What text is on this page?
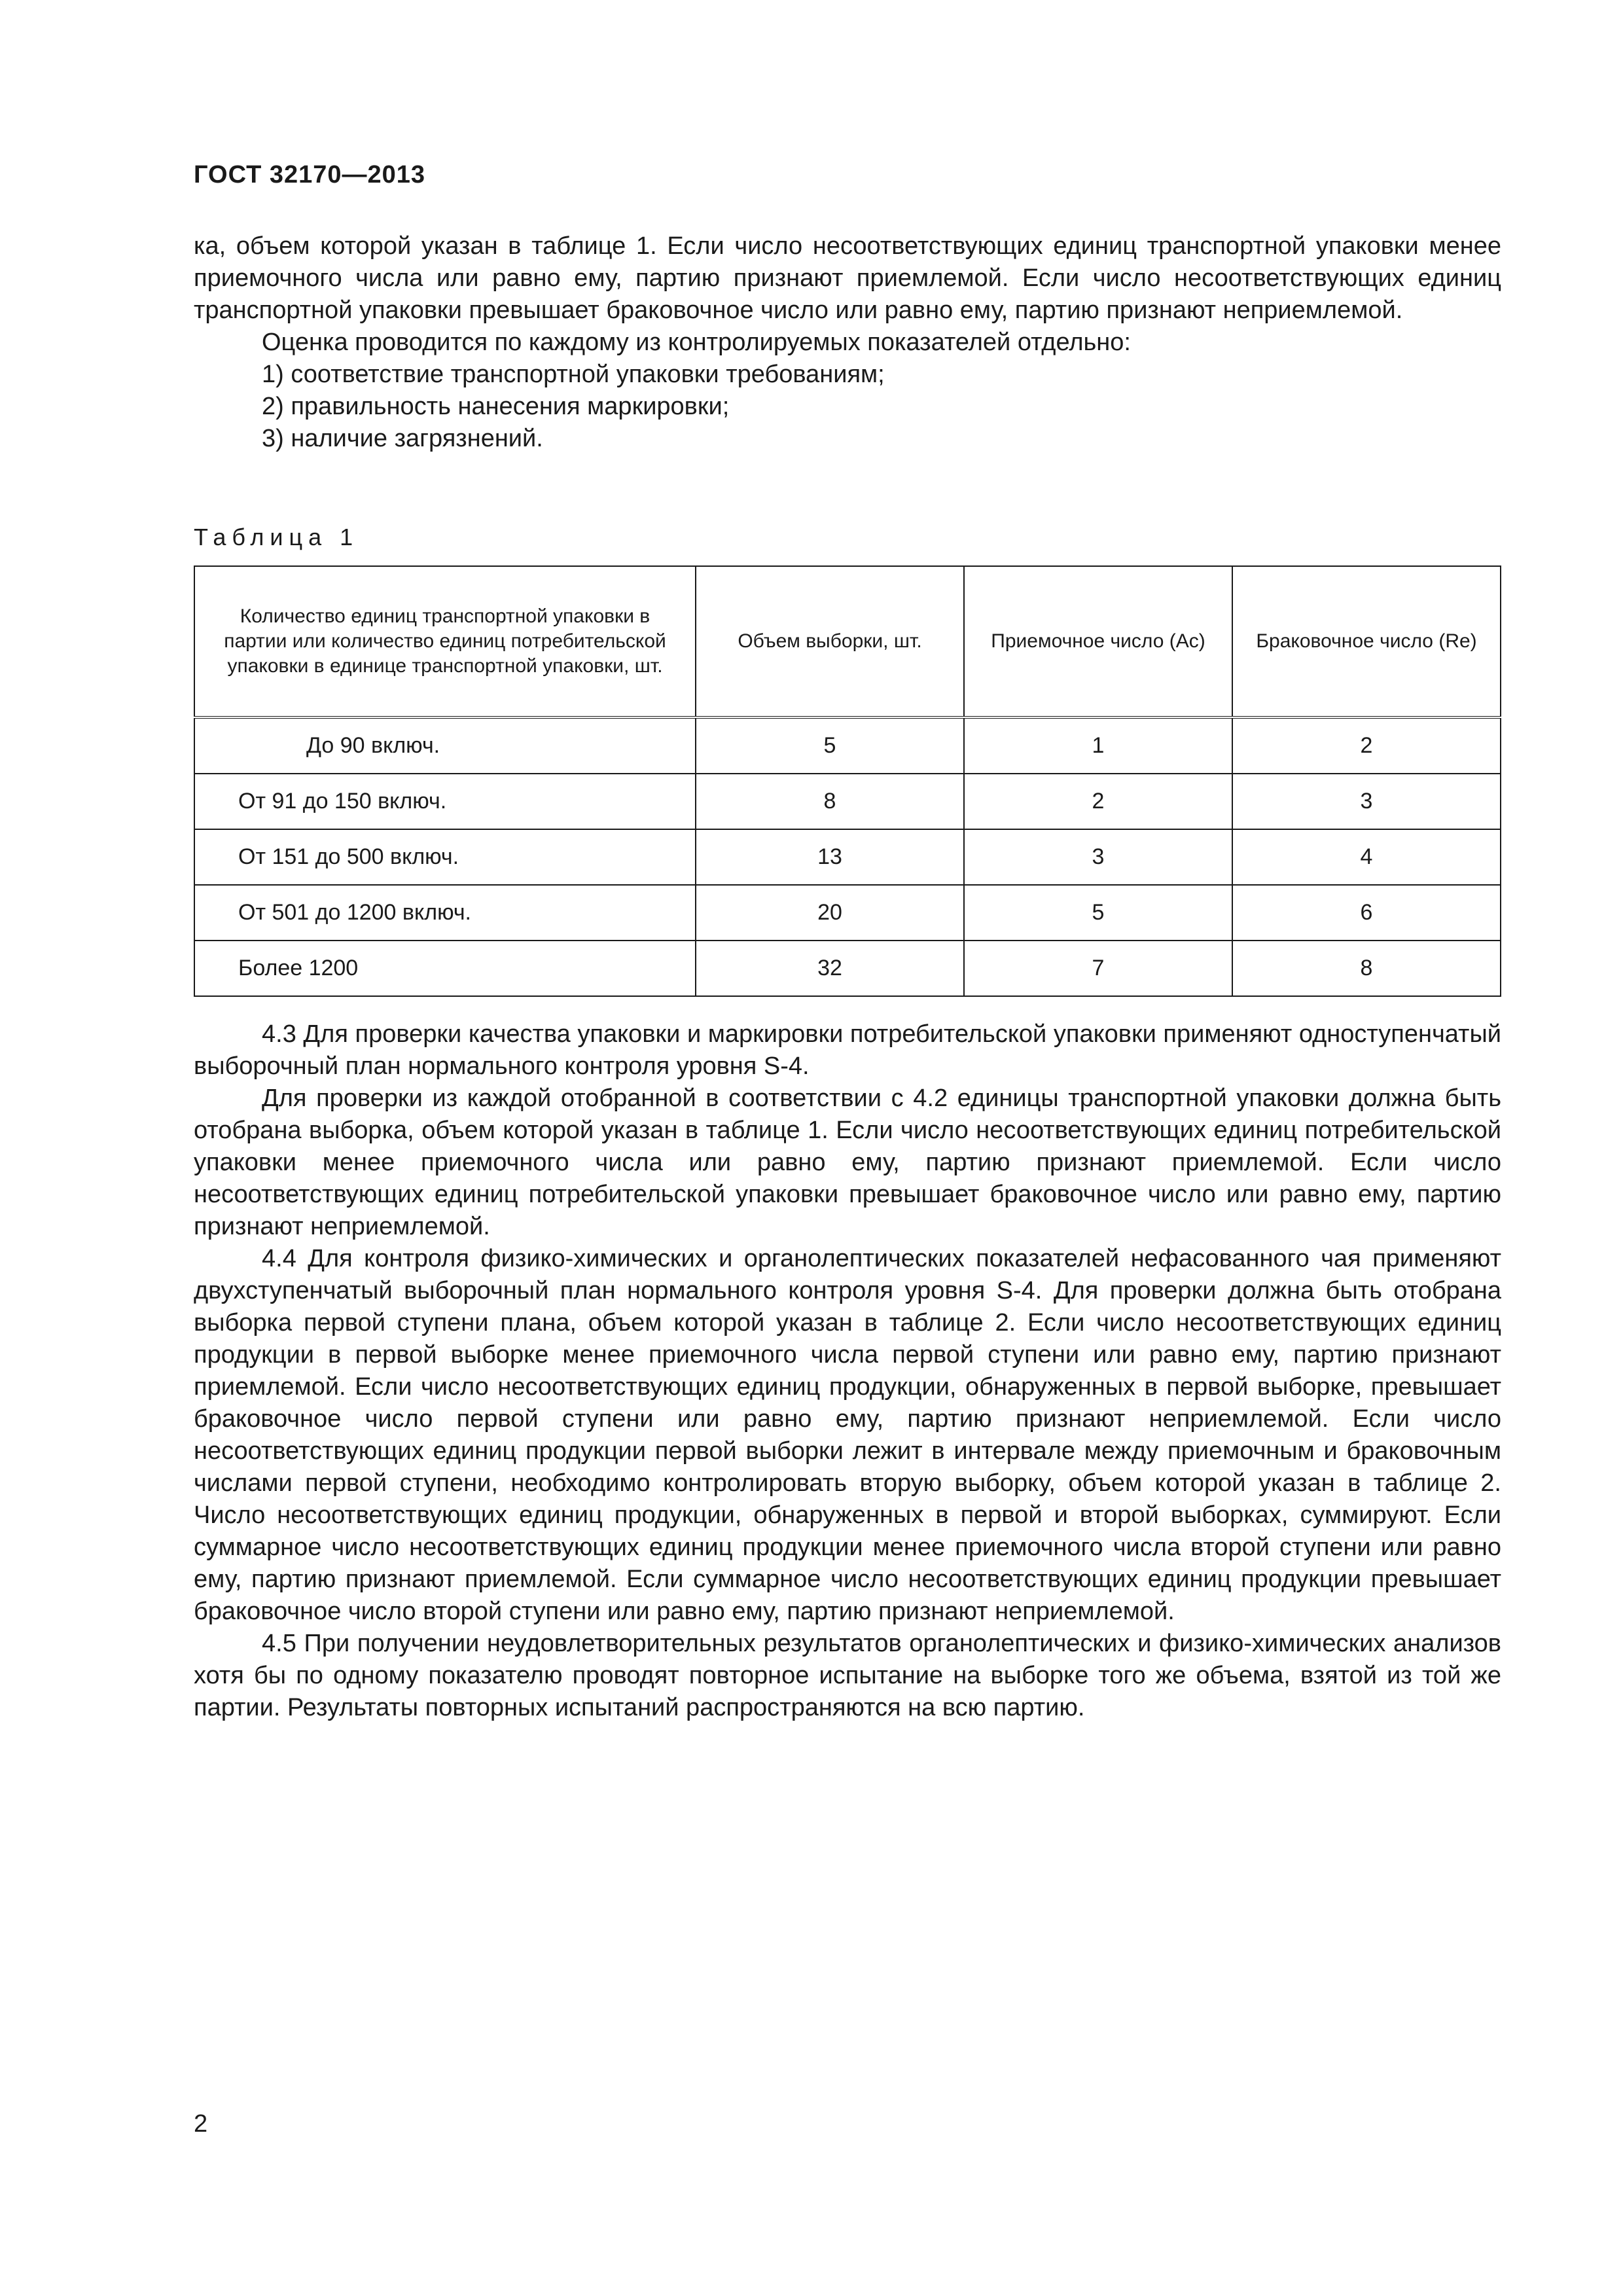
ГОСТ 32170—2013

ка, объем которой указан в таблице 1. Если число несоответствующих единиц транспортной упаковки менее приемочного числа или равно ему, партию признают приемлемой. Если число несоответствующих единиц транспортной упаковки превышает браковочное число или равно ему, партию признают неприемлемой.

Оценка проводится по каждому из контролируемых показателей отдельно:

1) соответствие транспортной упаковки требованиям;

2) правильность нанесения маркировки;

3) наличие загрязнений.

Таблица 1
Количество единиц транспортной упаковки в партии или количество единиц потребительской упаковки в единице транспортной упаковки, шт.	Объем выборки, шт.	Приемочное число (Ac)	Браковочное число (Re)
До 90 включ.	5	1	2
От 91 до 150 включ.	8	2	3
От 151 до 500 включ.	13	3	4
От 501 до 1200 включ.	20	5	6
Более 1200	32	7	8

4.3 Для проверки качества упаковки и маркировки потребительской упаковки применяют одноступенчатый выборочный план нормального контроля уровня S-4.

Для проверки из каждой отобранной в соответствии с 4.2 единицы транспортной упаковки должна быть отобрана выборка, объем которой указан в таблице 1. Если число несоответствующих единиц потребительской упаковки менее приемочного числа или равно ему, партию признают приемлемой. Если число несоответствующих единиц потребительской упаковки превышает браковочное число или равно ему, партию признают неприемлемой.

4.4 Для контроля физико-химических и органолептических показателей нефасованного чая применяют двухступенчатый выборочный план нормального контроля уровня S-4. Для проверки должна быть отобрана выборка первой ступени плана, объем которой указан в таблице 2. Если число несоответствующих единиц продукции в первой выборке менее приемочного числа первой ступени или равно ему, партию признают приемлемой. Если число несоответствующих единиц продукции, обнаруженных в первой выборке, превышает браковочное число первой ступени или равно ему, партию признают неприемлемой. Если число несоответствующих единиц продукции первой выборки лежит в интервале между приемочным и браковочным числами первой ступени, необходимо контролировать вторую выборку, объем которой указан в таблице 2. Число несоответствующих единиц продукции, обнаруженных в первой и второй выборках, суммируют. Если суммарное число несоответствующих единиц продукции менее приемочного числа второй ступени или равно ему, партию признают приемлемой. Если суммарное число несоответствующих единиц продукции превышает браковочное число второй ступени или равно ему, партию признают неприемлемой.

4.5 При получении неудовлетворительных результатов органолептических и физико-химических анализов хотя бы по одному показателю проводят повторное испытание на выборке того же объема, взятой из той же партии. Результаты повторных испытаний распространяются на всю партию.

2
